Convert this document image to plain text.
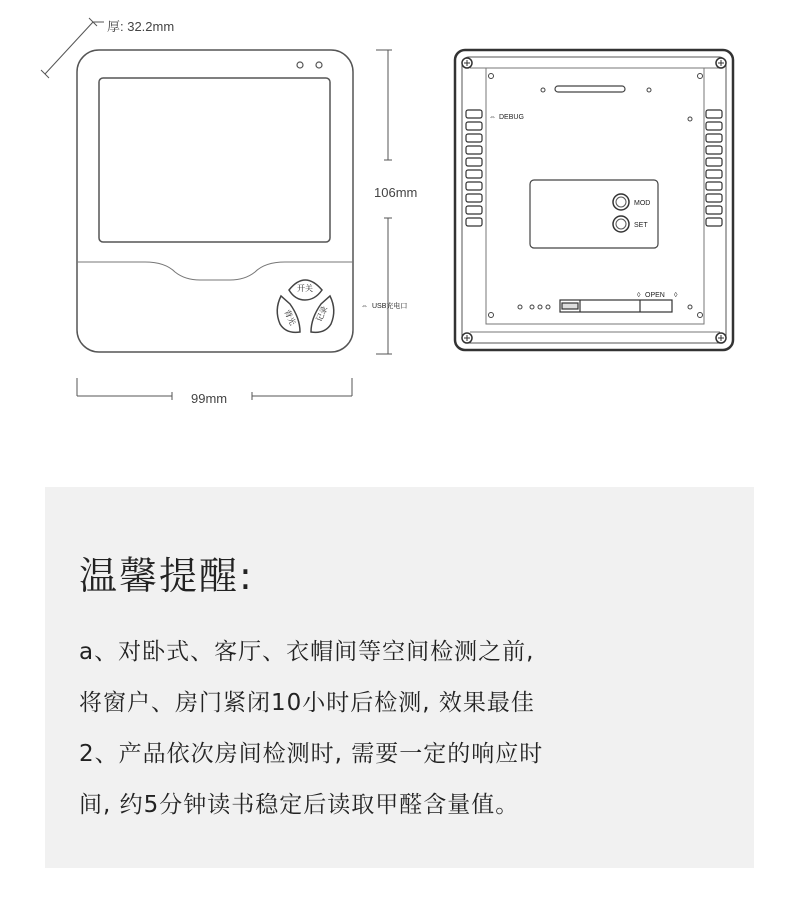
厚: 32.2mm
开关
背光 记录	⇔ USB充电口
106mm
99mm
⇔ DEBUG
MOD
SET
◊ OPEN ◊
温馨提醒:

a、对卧式、客厅、衣帽间等空间检测之前,
将窗户、房门紧闭10小时后检测, 效果最佳
2、产品依次房间检测时, 需要一定的响应时
间, 约5分钟读书稳定后读取甲醛含量值。
